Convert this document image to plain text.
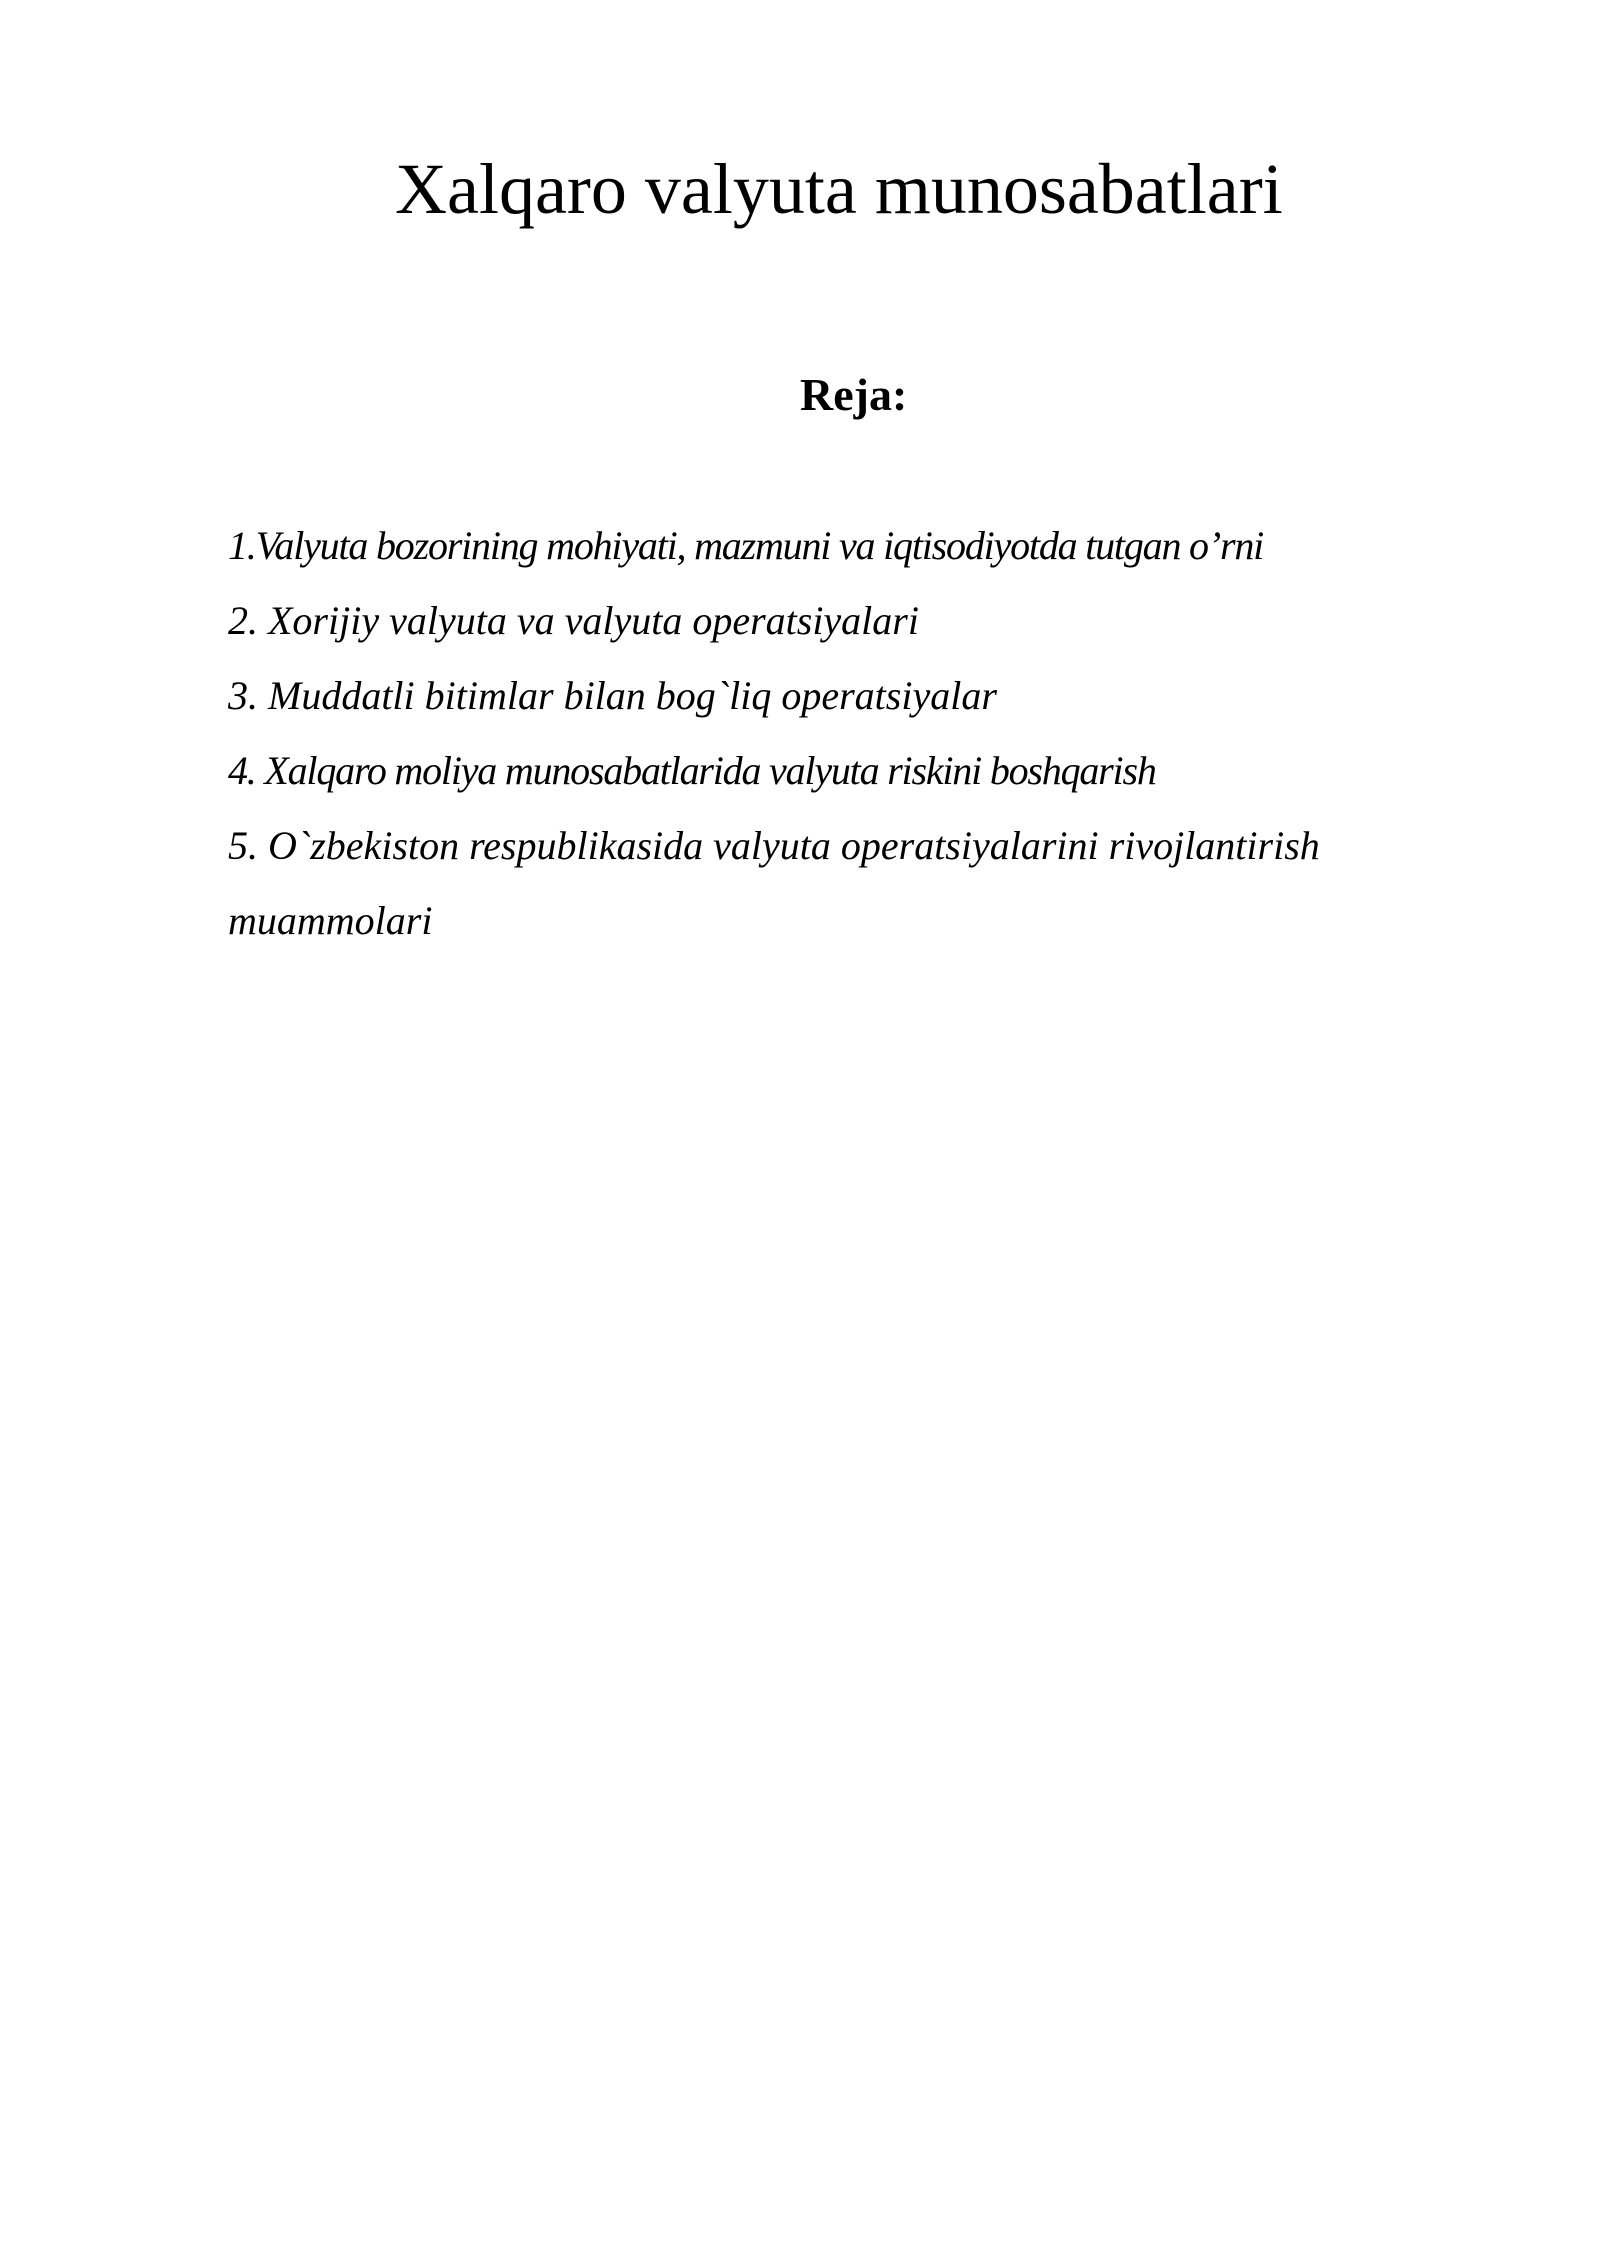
Xalqaro valyuta munosabatlari
Reja:
1.Valyuta bozorining mohiyati, mazmuni va iqtisodiyotda tutgan o’rni
2. Xorijiy valyuta va valyuta operatsiyalari
3. Muddatli bitimlar bilan bog`liq operatsiyalar
4. Xalqaro moliya munosabatlarida valyuta riskini boshqarish
5. O`zbekiston respublikasida valyuta operatsiyalarini rivojlantirish muammolari
